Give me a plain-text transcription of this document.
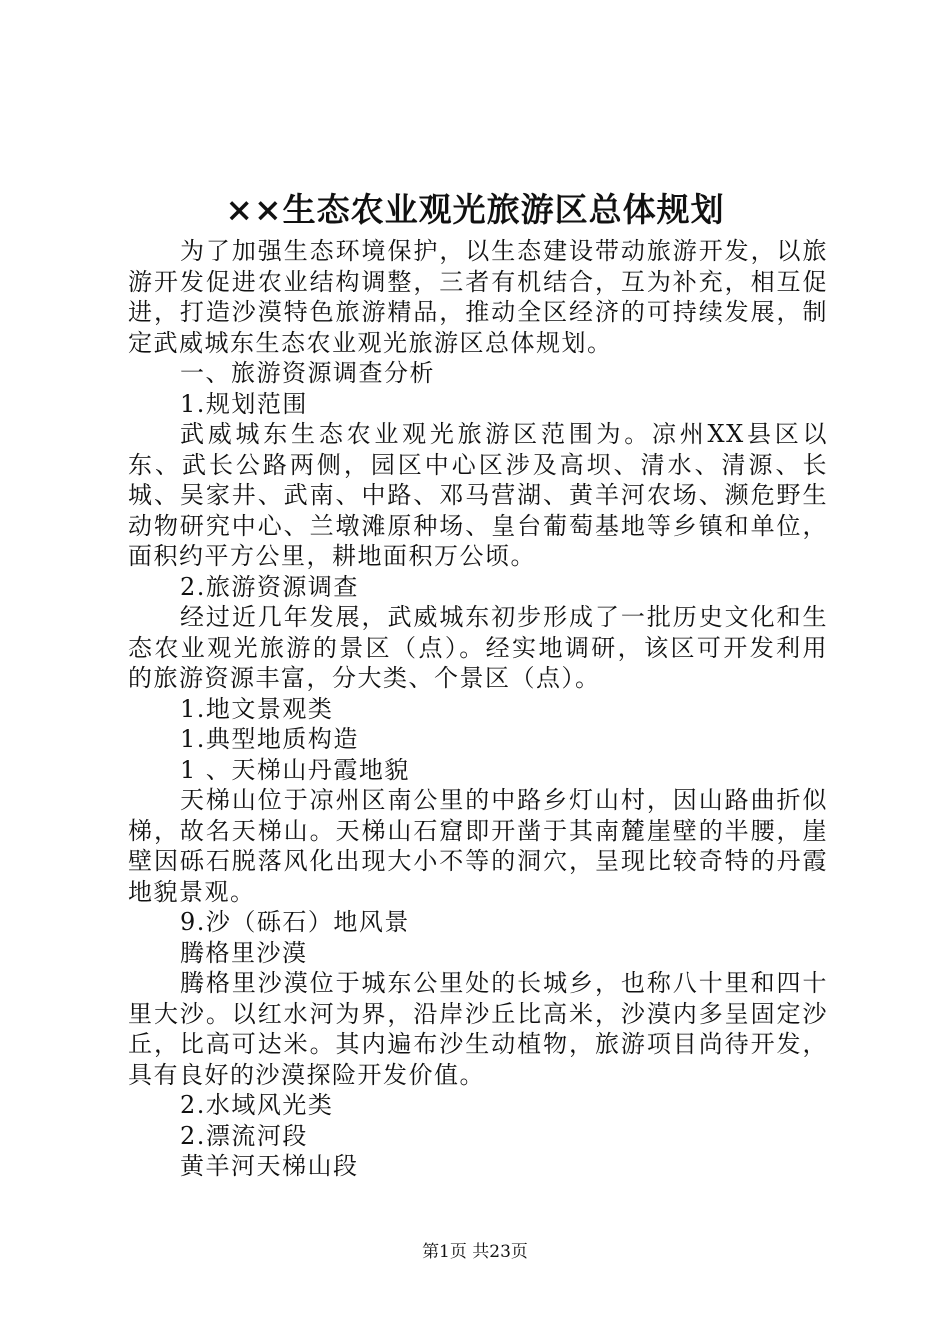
××生态农业观光旅游区总体规划

为了加强生态环境保护，以生态建设带动旅游开发，以旅游开发促进农业结构调整，三者有机结合，互为补充，相互促进，打造沙漠特色旅游精品，推动全区经济的可持续发展，制定武威城东生态农业观光旅游区总体规划。

一、旅游资源调查分析

1.规划范围

武威城东生态农业观光旅游区范围为。凉州XX县区以东、武长公路两侧，园区中心区涉及高坝、清水、清源、长城、吴家井、武南、中路、邓马营湖、黄羊河农场、濒危野生动物研究中心、兰墩滩原种场、皇台葡萄基地等乡镇和单位，面积约平方公里，耕地面积万公顷。

2.旅游资源调查

经过近几年发展，武威城东初步形成了一批历史文化和生态农业观光旅游的景区（点）。经实地调研，该区可开发利用的旅游资源丰富，分大类、个景区（点）。

1.地文景观类

1.典型地质构造

1 、天梯山丹霞地貌

天梯山位于凉州区南公里的中路乡灯山村，因山路曲折似梯，故名天梯山。天梯山石窟即开凿于其南麓崖壁的半腰，崖壁因砾石脱落风化出现大小不等的洞穴，呈现比较奇特的丹霞地貌景观。

9.沙（砾石）地风景

腾格里沙漠

腾格里沙漠位于城东公里处的长城乡，也称八十里和四十里大沙。以红水河为界，沿岸沙丘比高米，沙漠内多呈固定沙丘，比高可达米。其内遍布沙生动植物，旅游项目尚待开发，具有良好的沙漠探险开发价值。

2.水域风光类

2.漂流河段

黄羊河天梯山段

第1页 共23页
